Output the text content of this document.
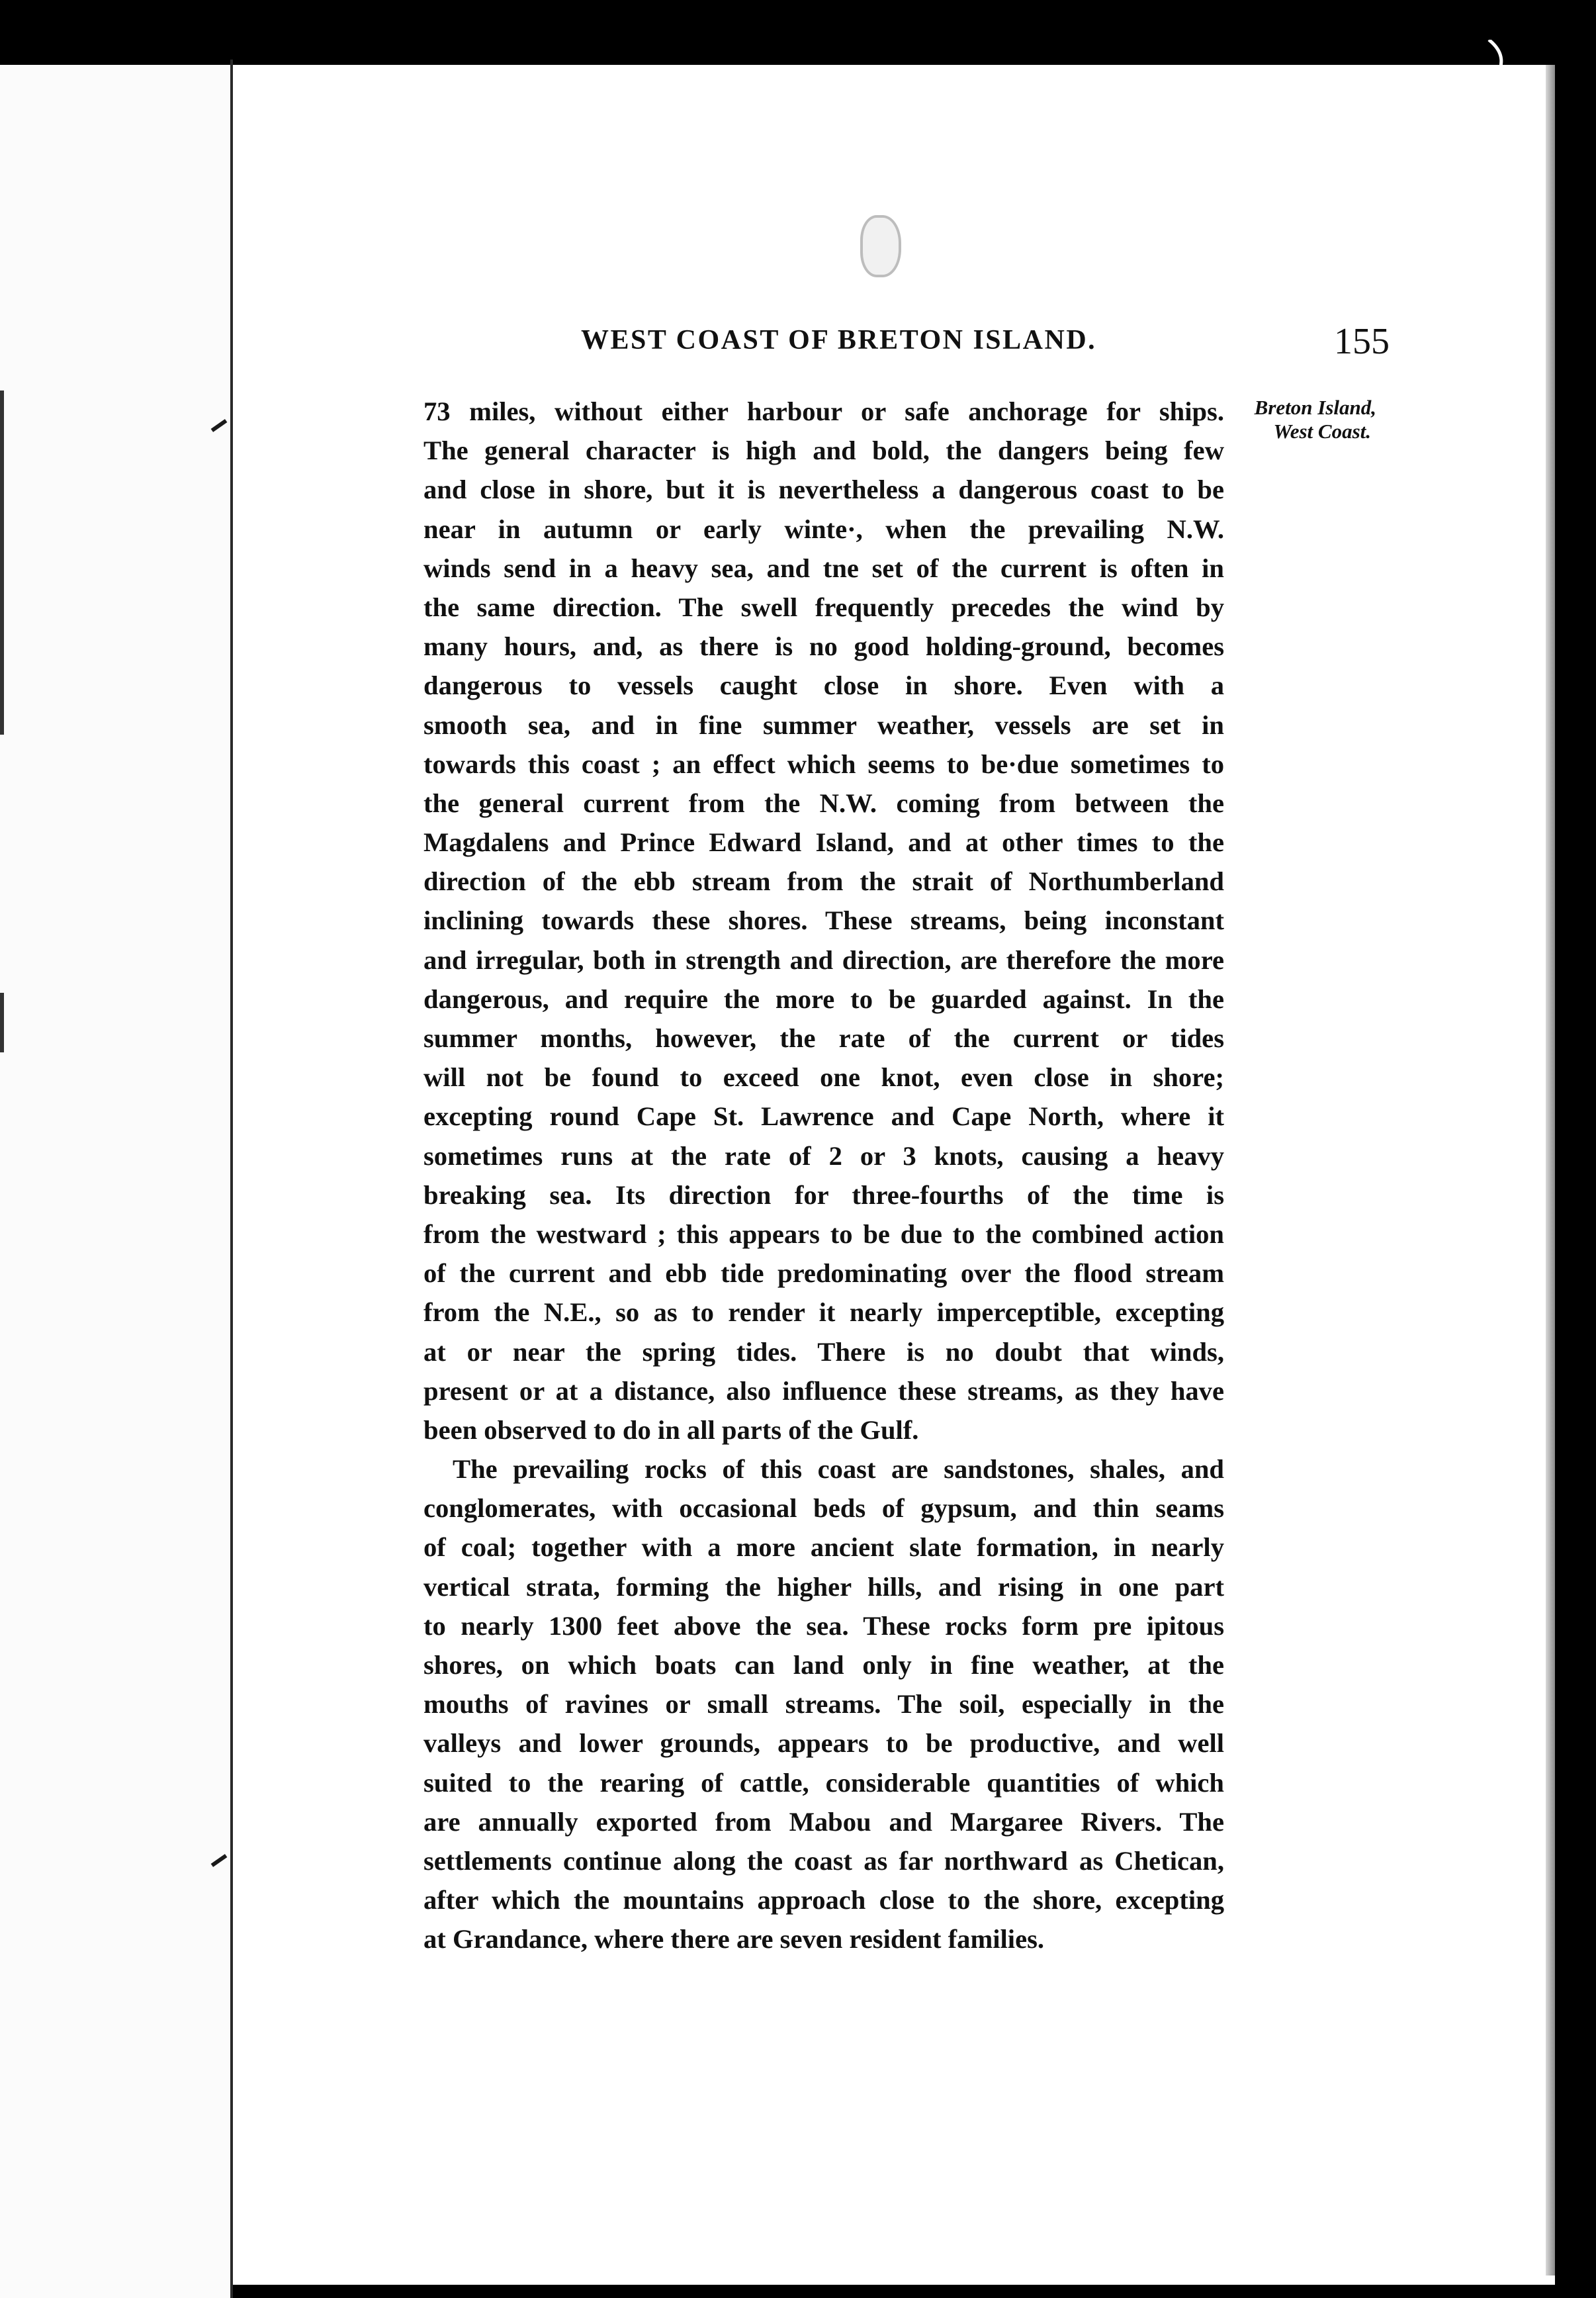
WEST COAST OF BRETON ISLAND.	155
Breton Island,
West Coast.
73 miles, without either harbour or safe anchorage for ships.
The general character is high and bold, the dangers being few
and close in shore, but it is nevertheless a dangerous coast to be
near in autumn or early winte·, when the prevailing N.W.
winds send in a heavy sea, and tne set of the current is often in
the same direction. The swell frequently precedes the wind by
many hours, and, as there is no good holding-ground, becomes
dangerous to vessels caught close in shore. Even with a
smooth sea, and in fine summer weather, vessels are set in
towards this coast ; an effect which seems to be·due sometimes to
the general current from the N.W. coming from between the
Magdalens and Prince Edward Island, and at other times to the
direction of the ebb stream from the strait of Northumberland
inclining towards these shores. These streams, being inconstant
and irregular, both in strength and direction, are therefore the more
dangerous, and require the more to be guarded against. In the
summer months, however, the rate of the current or tides
will not be found to exceed one knot, even close in shore;
excepting round Cape St. Lawrence and Cape North, where it
sometimes runs at the rate of 2 or 3 knots, causing a heavy
breaking sea. Its direction for three-fourths of the time is
from the westward ; this appears to be due to the combined action
of the current and ebb tide predominating over the flood stream
from the N.E., so as to render it nearly imperceptible, excepting
at or near the spring tides. There is no doubt that winds,
present or at a distance, also influence these streams, as they have
been observed to do in all parts of the Gulf.
The prevailing rocks of this coast are sandstones, shales, and
conglomerates, with occasional beds of gypsum, and thin seams
of coal; together with a more ancient slate formation, in nearly
vertical strata, forming the higher hills, and rising in one part
to nearly 1300 feet above the sea. These rocks form pre ipitous
shores, on which boats can land only in fine weather, at the
mouths of ravines or small streams. The soil, especially in the
valleys and lower grounds, appears to be productive, and well
suited to the rearing of cattle, considerable quantities of which
are annually exported from Mabou and Margaree Rivers. The
settlements continue along the coast as far northward as Chetican,
after which the mountains approach close to the shore, excepting
at Grandance, where there are seven resident families.
